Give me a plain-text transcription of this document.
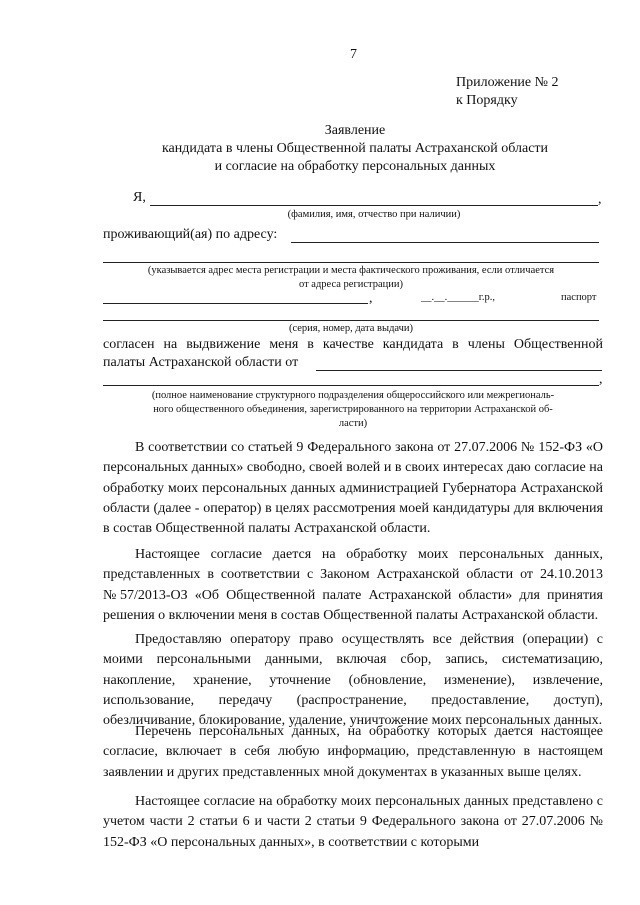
7
Приложение № 2
к Порядку
Заявление
кандидата в члены Общественной палаты Астраханской области
и согласие на обработку персональных данных
Я,	,
(фамилия, имя, отчество при наличии)
проживающий(ая) по адресу:
(указывается адрес места регистрации и места фактического проживания, если отличается
от адреса регистрации)
,	__.__.______г.р.,	паспорт
(серия, номер, дата выдачи)
согласен на выдвижение меня в качестве кандидата в члены Общественной
палаты Астраханской области от
,
(полное наименование структурного подразделения общероссийского или межрегиональ-
ного общественного объединения, зарегистрированного на территории Астраханской об-
ласти)
В соответствии со статьей 9 Федерального закона от 27.07.2006 № 152-ФЗ «О персональных данных» свободно, своей волей и в своих интересах даю согласие на обработку моих персональных данных администрацией Губернатора Астраханской области (далее - оператор) в целях рассмотрения моей кандидатуры для включения в состав Общественной палаты Астраханской области.
Настоящее согласие дается на обработку моих персональных данных, представленных в соответствии с Законом Астраханской области от 24.10.2013 №57/2013-ОЗ «Об Общественной палате Астраханской области» для принятия решения о включении меня в состав Общественной палаты Астраханской области.
Предоставляю оператору право осуществлять все действия (операции) с моими персональными данными, включая сбор, запись, систематизацию, накопление, хранение, уточнение (обновление, изменение), извлечение, использование, передачу (распространение, предоставление, доступ), обезличивание, блокирование, удаление, уничтожение моих персональных данных.
Перечень персональных данных, на обработку которых дается настоящее согласие, включает в себя любую информацию, представленную в настоящем заявлении и других представленных мной документах в указанных выше целях.
Настоящее согласие на обработку моих персональных данных представлено с учетом части 2 статьи 6 и части 2 статьи 9 Федерального закона от 27.07.2006 № 152-ФЗ «О персональных данных», в соответствии с которыми
